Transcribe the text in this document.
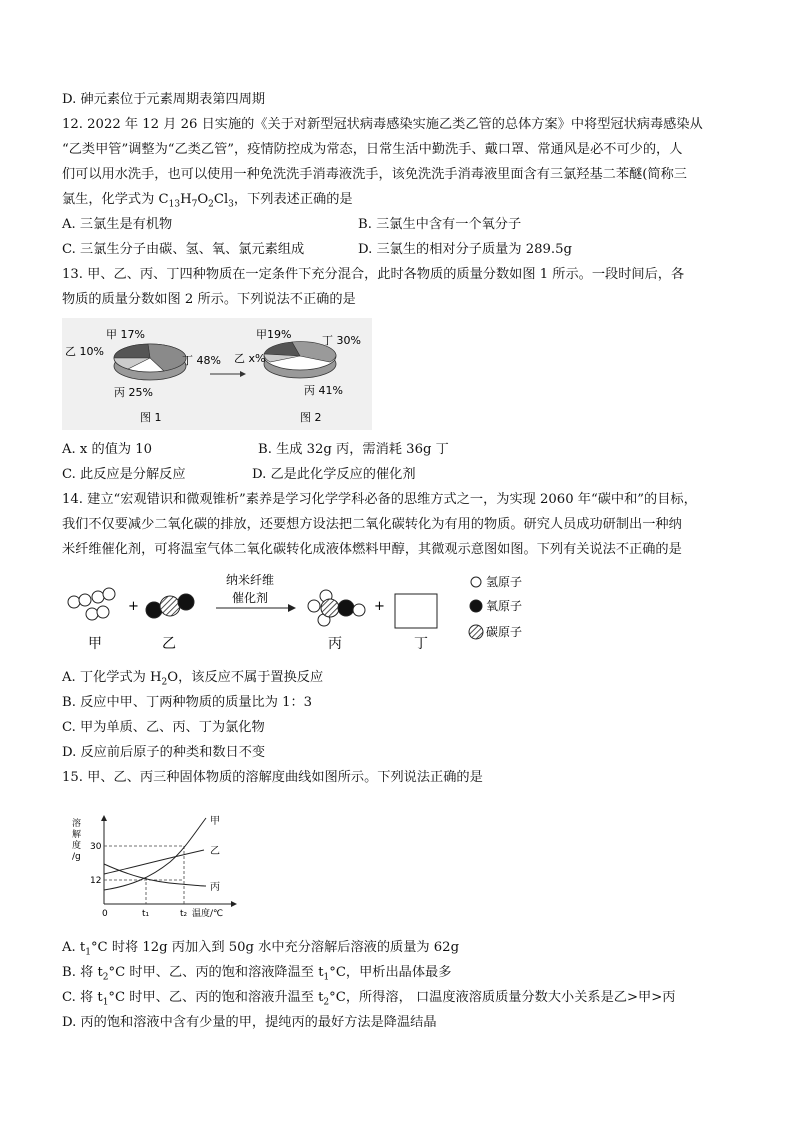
D. 砷元素位于元素周期表第四周期
12. 2022 年 12 月 26 日实施的《关于对新型冠状病毒感染实施乙类乙管的总体方案》中将型冠状病毒感染从
“乙类甲管”调整为“乙类乙管”，疫情防控成为常态，日常生活中勤洗手、戴口罩、常通风是必不可少的，人
们可以用水洗手，也可以使用一种免洗洗手消毒液洗手，该免洗洗手消毒液里面含有三氯羟基二苯醚(简称三
氯生，化学式为 $C_{13}H_7O_2Cl_3$，下列表述正确的是
A. 三氯生是有机物	B. 三氯生中含有一个氧分子
C. 三氯生分子由碳、氢、氧、氯元素组成	D. 三氯生的相对分子质量为 289.5g
13. 甲、乙、丙、丁四种物质在一定条件下充分混合，此时各物质的质量分数如图 1 所示。一段时间后，各
物质的质量分数如图 2 所示。下列说法不正确的是
甲 17%
乙 10%
丁 48%
丙 25%
图 1
甲19%	丁 30%
乙 x%
丙 41%
图 2
A. x 的值为 10	B. 生成 32g 丙，需消耗 36g 丁
C. 此反应是分解反应	D. 乙是此化学反应的催化剂
14. 建立“宏观错识和微观锥析”素养是学习化学学科必备的思维方式之一，为实现 2060 年“碳中和”的目标，
我们不仅要减少二氧化碳的排放，还要想方设法把二氧化碳转化为有用的物质。研究人员成功研制出一种纳
米纤维催化剂，可将温室气体二氧化碳转化成液体燃料甲醇，其微观示意图如图。下列有关说法不正确的是
甲
+
乙
纳米纤维
催化剂
丙
+
丁
氢原子
氧原子
碳原子
A. 丁化学式为 $H_2O$，该反应不属于置换反应
B. 反应中甲、丁两种物质的质量比为 1：3
C. 甲为单质、乙、丙、丁为氯化物
D. 反应前后原子的种类和数日不变
15. 甲、乙、丙三种固体物质的溶解度曲线如图所示。下列说法正确的是
溶
解
度
/g
30
12
0	t₁	t₂ 温度/℃
甲
乙
丙
A. $t_1^\circ C$ 时将 12g 丙加入到 50g 水中充分溶解后溶液的质量为 62g
B. 将 $t_2^\circ C$ 时甲、乙、丙的饱和溶液降温至 $t_1^\circ C$，甲析出晶体最多
C. 将 $t_1^\circ C$ 时甲、乙、丙的饱和溶液升温至 $t_2^\circ C$，所得溶， 口温度液溶质质量分数大小关系是乙>甲>丙
D. 丙的饱和溶液中含有少量的甲，提纯丙的最好方法是降温结晶
